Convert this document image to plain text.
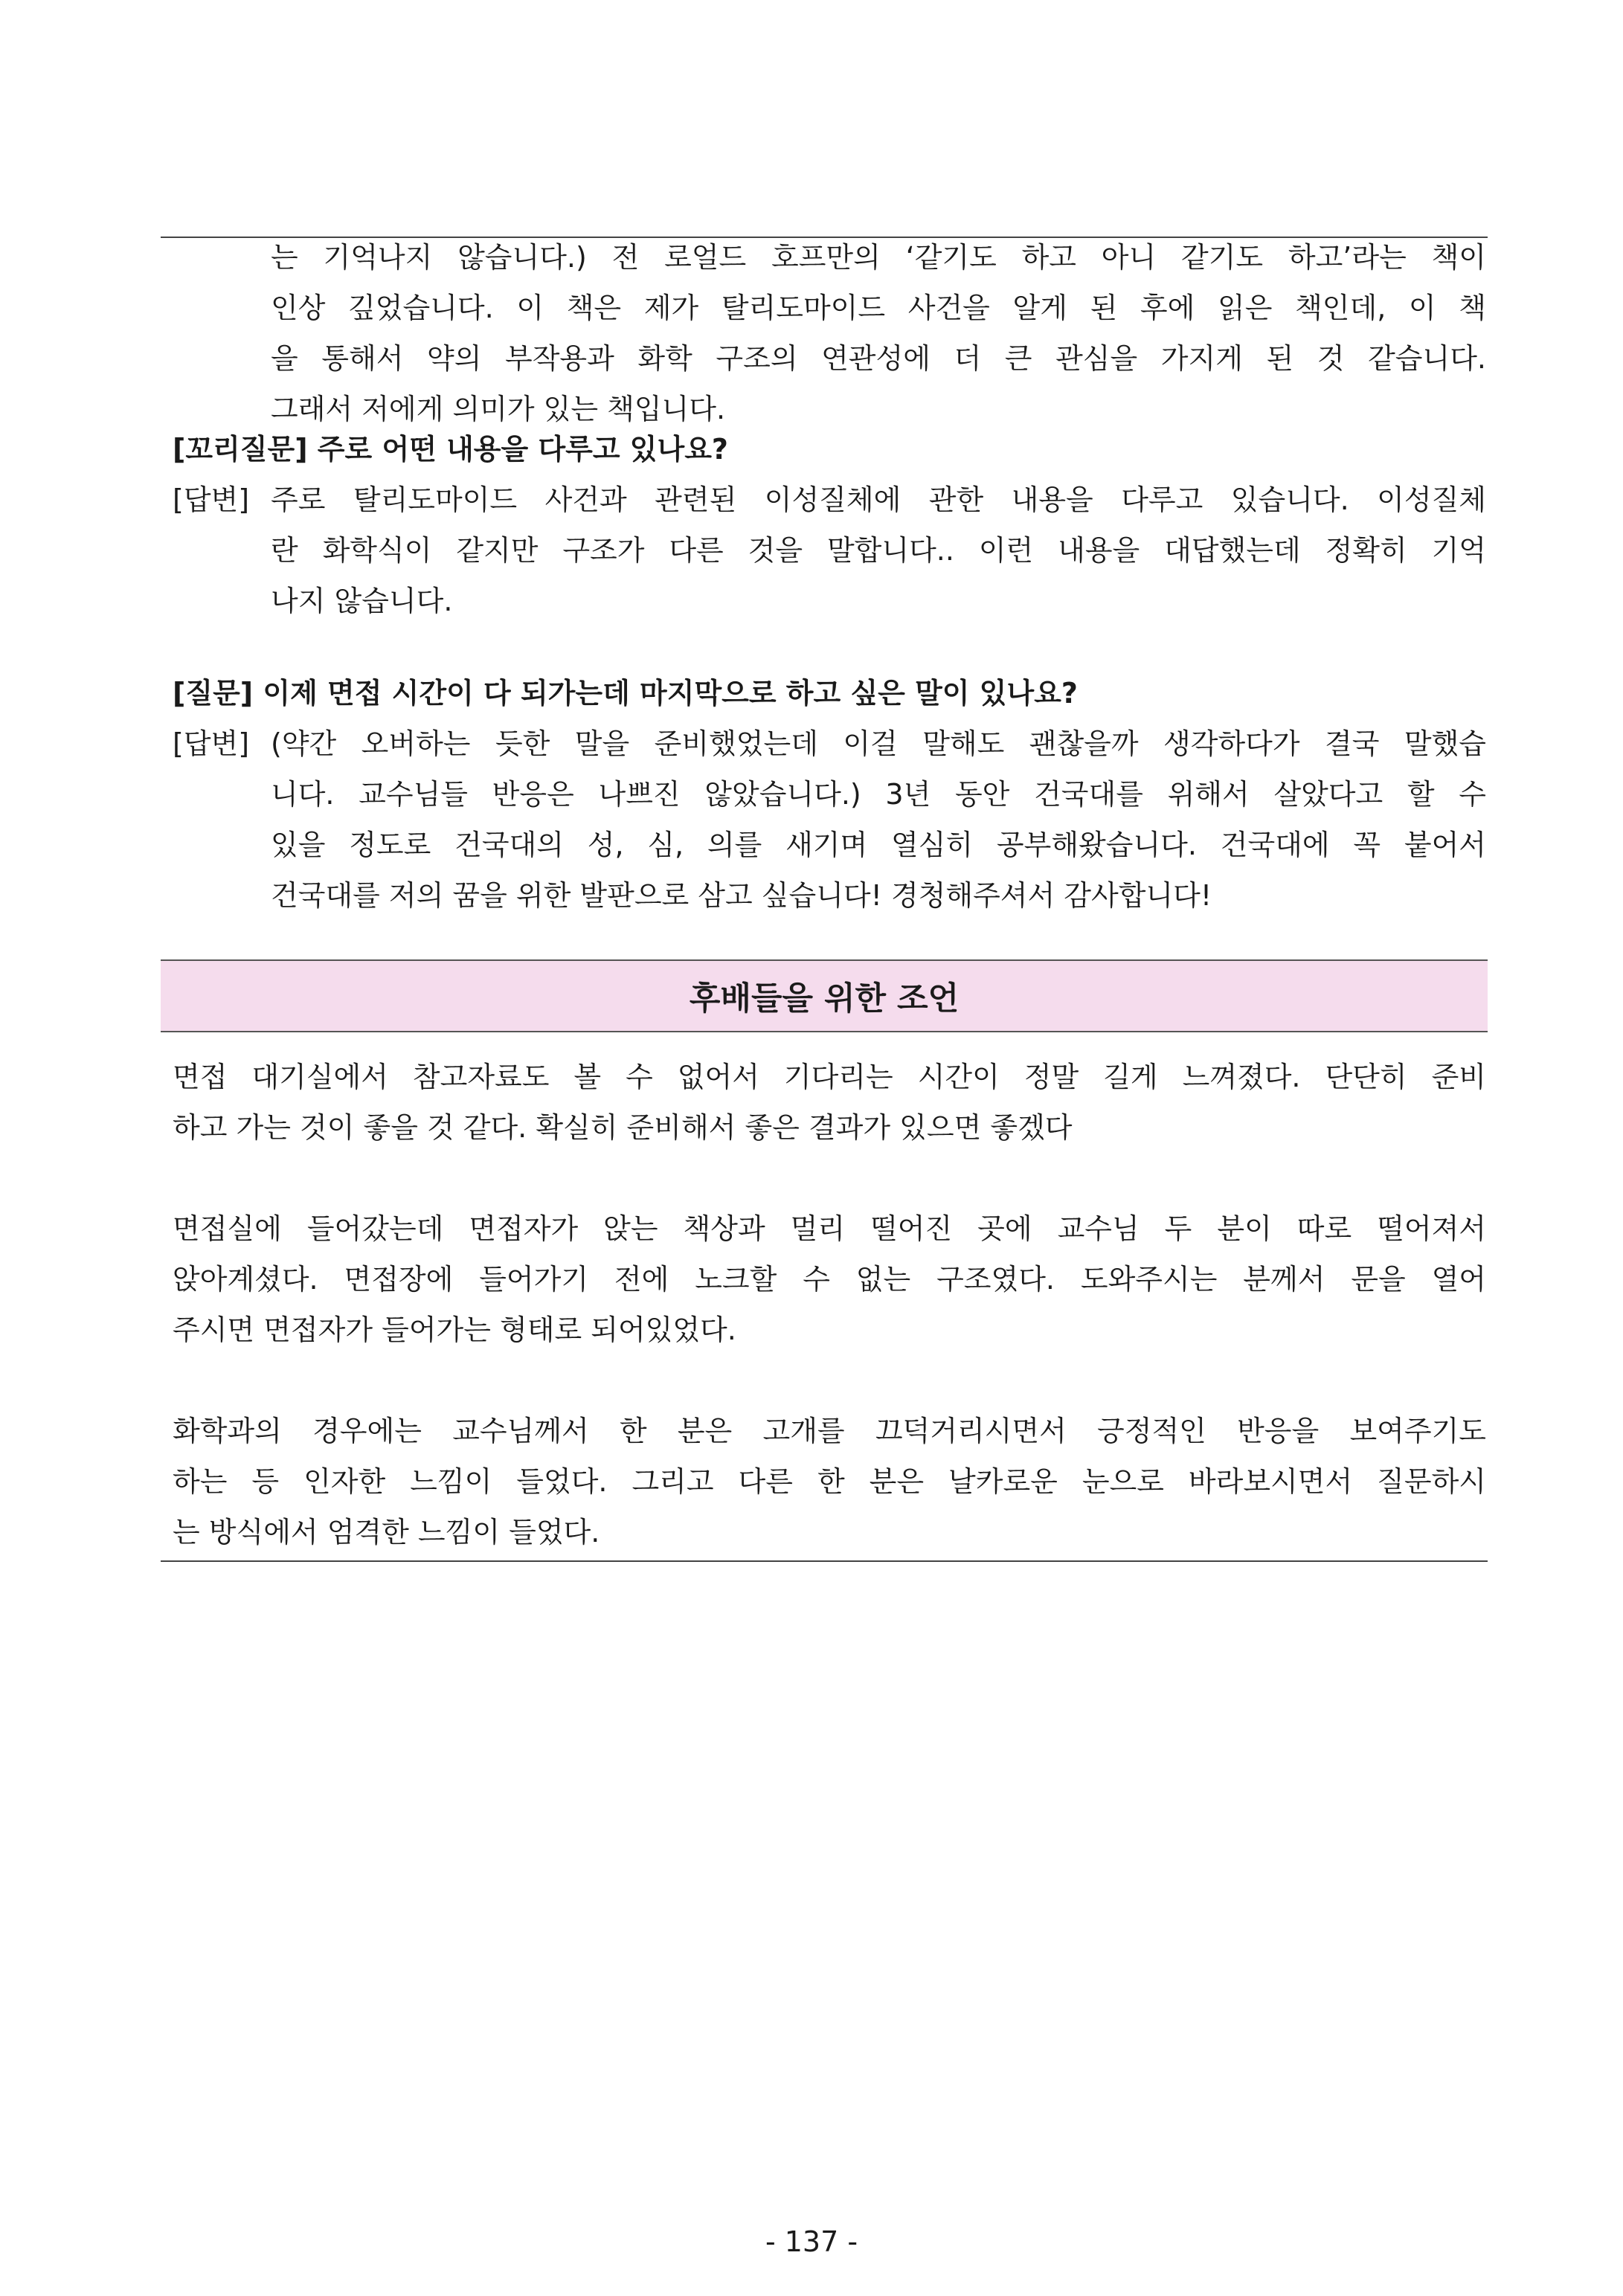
는 기억나지 않습니다.) 전 로얼드 호프만의 ‘같기도 하고 아니 같기도 하고’라는 책이
인상 깊었습니다. 이 책은 제가 탈리도마이드 사건을 알게 된 후에 읽은 책인데, 이 책
을 통해서 약의 부작용과 화학 구조의 연관성에 더 큰 관심을 가지게 된 것 같습니다.
그래서 저에게 의미가 있는 책입니다.
[꼬리질문] 주로 어떤 내용을 다루고 있나요?
[답변] 주로 탈리도마이드 사건과 관련된 이성질체에 관한 내용을 다루고 있습니다. 이성질체
란 화학식이 같지만 구조가 다른 것을 말합니다.. 이런 내용을 대답했는데 정확히 기억
나지 않습니다.
[질문] 이제 면접 시간이 다 되가는데 마지막으로 하고 싶은 말이 있나요?
[답변] (약간 오버하는 듯한 말을 준비했었는데 이걸 말해도 괜찮을까 생각하다가 결국 말했습
니다. 교수님들 반응은 나쁘진 않았습니다.) 3년 동안 건국대를 위해서 살았다고 할 수
있을 정도로 건국대의 성, 심, 의를 새기며 열심히 공부해왔습니다. 건국대에 꼭 붙어서
건국대를 저의 꿈을 위한 발판으로 삼고 싶습니다! 경청해주셔서 감사합니다!
후배들을 위한 조언
면접 대기실에서 참고자료도 볼 수 없어서 기다리는 시간이 정말 길게 느껴졌다. 단단히 준비
하고 가는 것이 좋을 것 같다. 확실히 준비해서 좋은 결과가 있으면 좋겠다
면접실에 들어갔는데 면접자가 앉는 책상과 멀리 떨어진 곳에 교수님 두 분이 따로 떨어져서
앉아계셨다. 면접장에 들어가기 전에 노크할 수 없는 구조였다. 도와주시는 분께서 문을 열어
주시면 면접자가 들어가는 형태로 되어있었다.
화학과의 경우에는 교수님께서 한 분은 고개를 끄덕거리시면서 긍정적인 반응을 보여주기도
하는 등 인자한 느낌이 들었다. 그리고 다른 한 분은 날카로운 눈으로 바라보시면서 질문하시
는 방식에서 엄격한 느낌이 들었다.
- 137 -
